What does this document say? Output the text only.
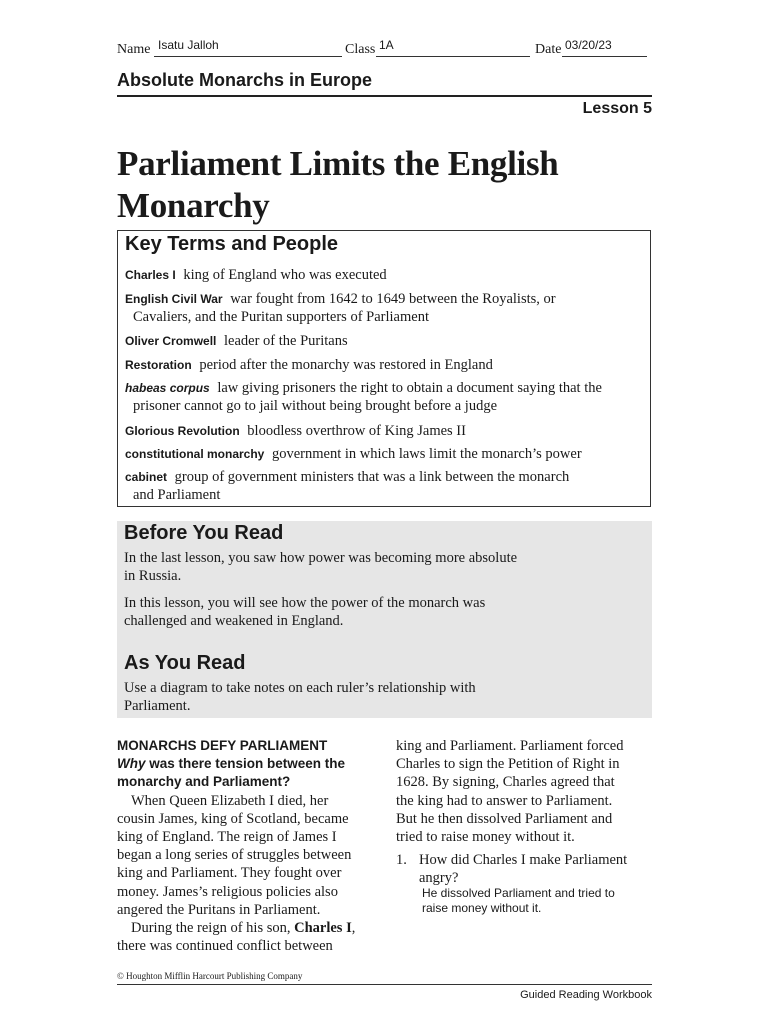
Name Isatu Jalloh	Class 1A	Date 03/20/23
Absolute Monarchs in Europe
Lesson 5
Parliament Limits the English
Monarchy
Key Terms and People
Charles I king of England who was executed
English Civil War war fought from 1642 to 1649 between the Royalists, or
Cavaliers, and the Puritan supporters of Parliament
Oliver Cromwell leader of the Puritans
Restoration period after the monarchy was restored in England
habeas corpus law giving prisoners the right to obtain a document saying that the
prisoner cannot go to jail without being brought before a judge
Glorious Revolution bloodless overthrow of King James II
constitutional monarchy government in which laws limit the monarch’s power
cabinet group of government ministers that was a link between the monarch
and Parliament
Before You Read
In the last lesson, you saw how power was becoming more absolute
in Russia.
In this lesson, you will see how the power of the monarch was
challenged and weakened in England.
As You Read
Use a diagram to take notes on each ruler’s relationship with
Parliament.
MONARCHS DEFY PARLIAMENT
Why was there tension between the
monarchy and Parliament?
When Queen Elizabeth I died, her
cousin James, king of Scotland, became
king of England. The reign of James I
began a long series of struggles between
king and Parliament. They fought over
money. James’s religious policies also
angered the Puritans in Parliament.
During the reign of his son, Charles I,
there was continued conflict between
king and Parliament. Parliament forced
Charles to sign the Petition of Right in
1628. By signing, Charles agreed that
the king had to answer to Parliament.
But he then dissolved Parliament and
tried to raise money without it.
1. How did Charles I make Parliament
angry?
He dissolved Parliament and tried to
raise money without it.
© Houghton Mifflin Harcourt Publishing Company
Guided Reading Workbook
